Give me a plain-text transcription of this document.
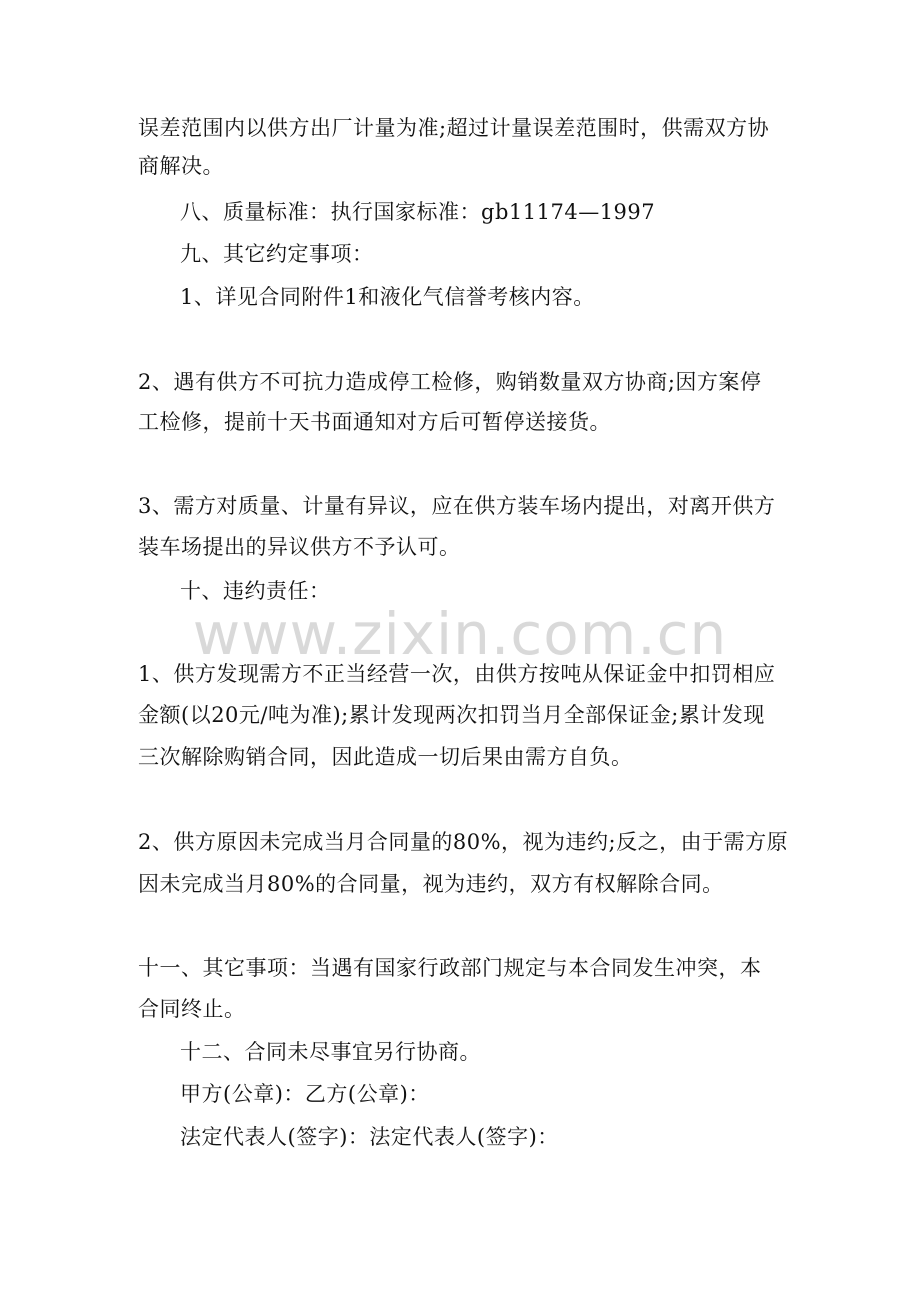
误差范围内以供方出厂计量为准;超过计量误差范围时，供需双方协
商解决。
八、质量标准：执行国家标准：gb11174—1997
九、其它约定事项：
1、详见合同附件1和液化气信誉考核内容。
2、遇有供方不可抗力造成停工检修，购销数量双方协商;因方案停
工检修，提前十天书面通知对方后可暂停送接货。
3、需方对质量、计量有异议，应在供方装车场内提出，对离开供方
装车场提出的异议供方不予认可。
十、违约责任：
1、供方发现需方不正当经营一次，由供方按吨从保证金中扣罚相应
金额(以20元/吨为准);累计发现两次扣罚当月全部保证金;累计发现
三次解除购销合同，因此造成一切后果由需方自负。
2、供方原因未完成当月合同量的80%，视为违约;反之，由于需方原
因未完成当月80%的合同量，视为违约，双方有权解除合同。
十一、其它事项：当遇有国家行政部门规定与本合同发生冲突，本
合同终止。
十二、合同未尽事宜另行协商。
甲方(公章)：乙方(公章)：
法定代表人(签字)：法定代表人(签字)：
www.zixin.com.cn
